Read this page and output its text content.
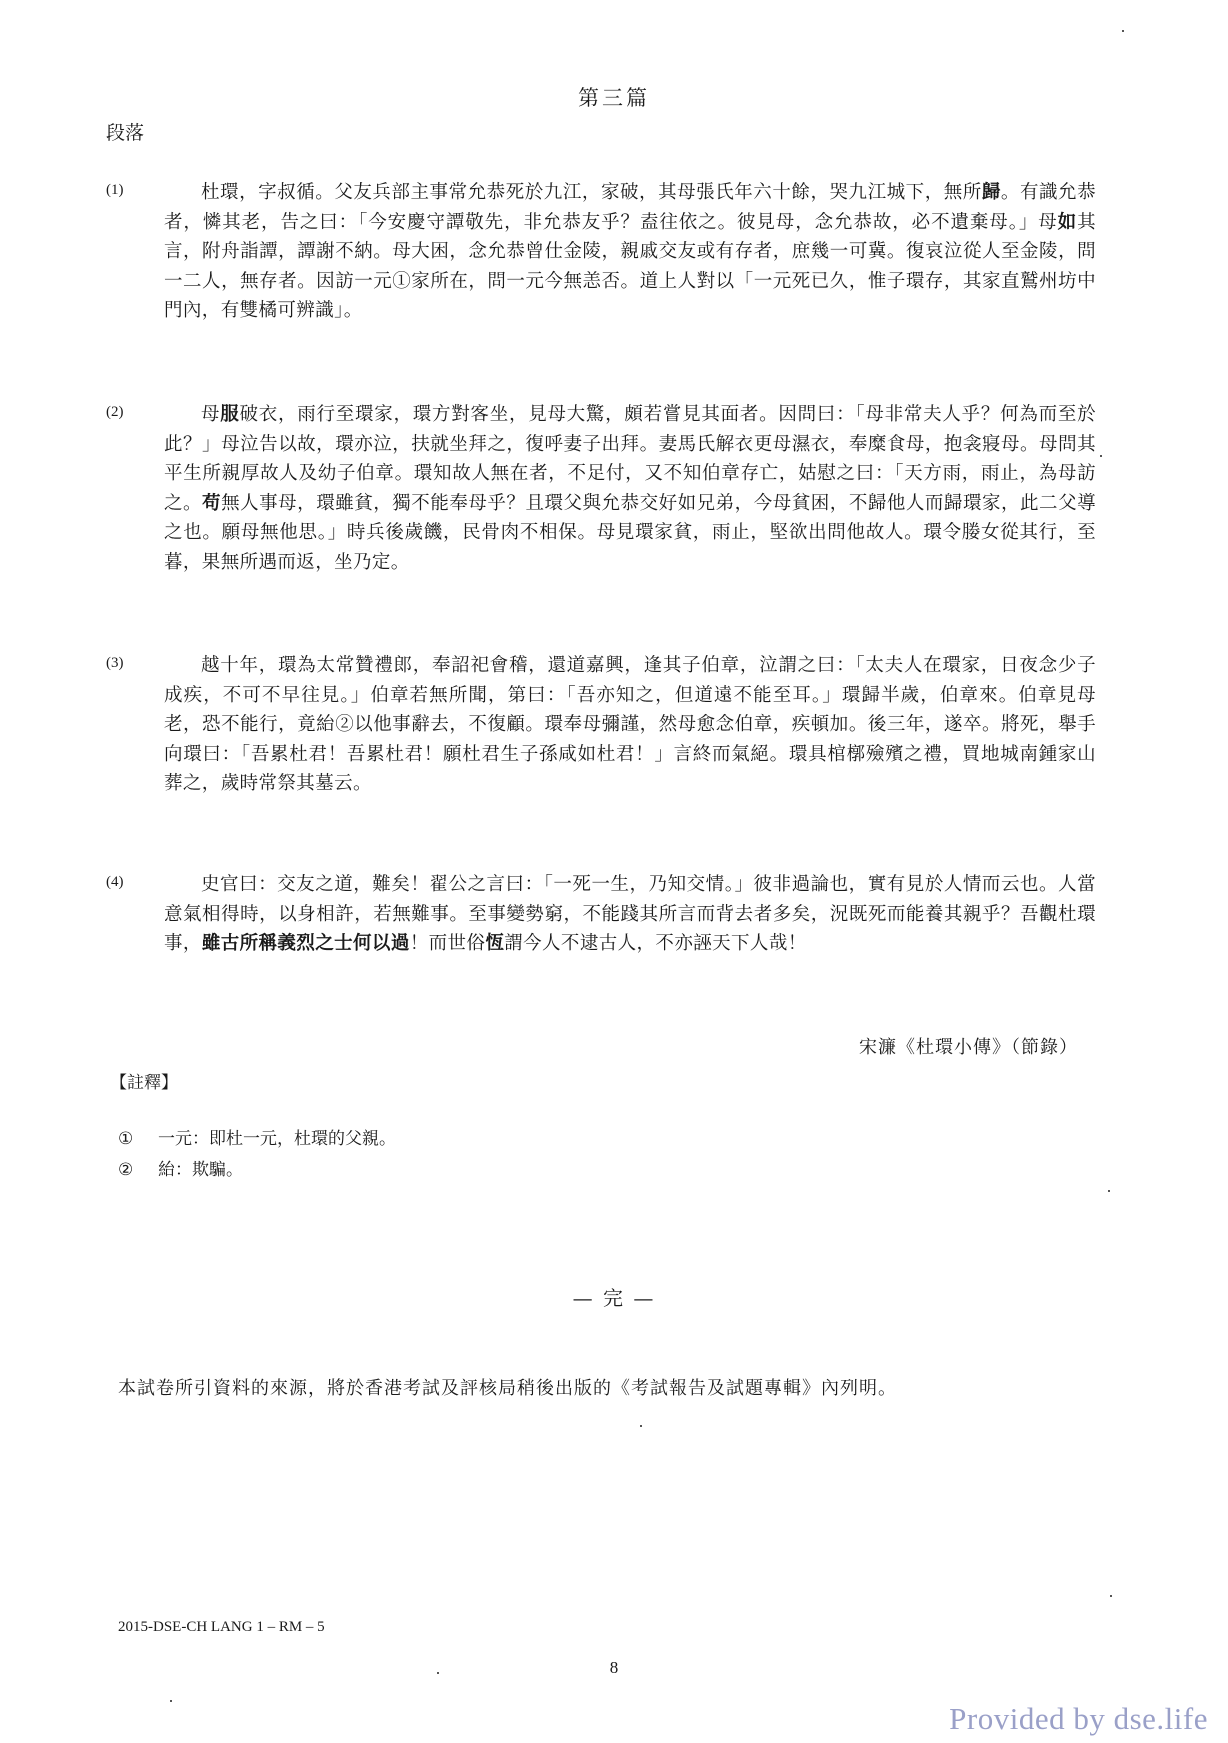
第三篇
段落
(1)	杜環，字叔循。父友兵部主事常允恭死於九江，家破，其母張氏年六十餘，哭九江城下，無所歸。有識允恭者，憐其老，告之曰：「今安慶守譚敬先，非允恭友乎？盍往依之。彼見母，念允恭故，必不遺棄母。」母如其言，附舟詣譚，譚謝不納。母大困，念允恭曾仕金陵，親戚交友或有存者，庶幾一可冀。復哀泣從人至金陵，問一二人，無存者。因訪一元①家所在，問一元今無恙否。道上人對以「一元死已久，惟子環存，其家直鷲州坊中門內，有雙橘可辨識」。
(2)	母服破衣，雨行至環家，環方對客坐，見母大驚，頗若嘗見其面者。因問曰：「母非常夫人乎？何為而至於此？」母泣告以故，環亦泣，扶就坐拜之，復呼妻子出拜。妻馬氏解衣更母濕衣，奉糜食母，抱衾寢母。母問其平生所親厚故人及幼子伯章。環知故人無在者，不足付，又不知伯章存亡，姑慰之曰：「天方雨，雨止，為母訪之。苟無人事母，環雖貧，獨不能奉母乎？且環父與允恭交好如兄弟，今母貧困，不歸他人而歸環家，此二父導之也。願母無他思。」時兵後歲饑，民骨肉不相保。母見環家貧，雨止，堅欲出問他故人。環令媵女從其行，至暮，果無所遇而返，坐乃定。
(3)	越十年，環為太常贊禮郎，奉詔祀會稽，還道嘉興，逢其子伯章，泣謂之曰：「太夫人在環家，日夜念少子成疾，不可不早往見。」伯章若無所聞，第曰：「吾亦知之，但道遠不能至耳。」環歸半歲，伯章來。伯章見母老，恐不能行，竟紿②以他事辭去，不復顧。環奉母彌謹，然母愈念伯章，疾頓加。後三年，遂卒。將死，舉手向環曰：「吾累杜君！吾累杜君！願杜君生子孫咸如杜君！」言終而氣絕。環具棺槨殮殯之禮，買地城南鍾家山葬之，歲時常祭其墓云。
(4)	史官曰：交友之道，難矣！翟公之言曰：「一死一生，乃知交情。」彼非過論也，實有見於人情而云也。人當意氣相得時，以身相許，若無難事。至事變勢窮，不能踐其所言而背去者多矣，況既死而能養其親乎？吾觀杜環事，雖古所稱義烈之士何以過！而世俗恆謂今人不逮古人，不亦誣天下人哉！
宋濂《杜環小傳》（節錄）
【註釋】
① 一元：即杜一元，杜環的父親。
② 紿：欺騙。
— 完 —
本試卷所引資料的來源，將於香港考試及評核局稍後出版的《考試報告及試題專輯》內列明。
2015-DSE-CH LANG 1 – RM – 5
8
Provided by dse.life
